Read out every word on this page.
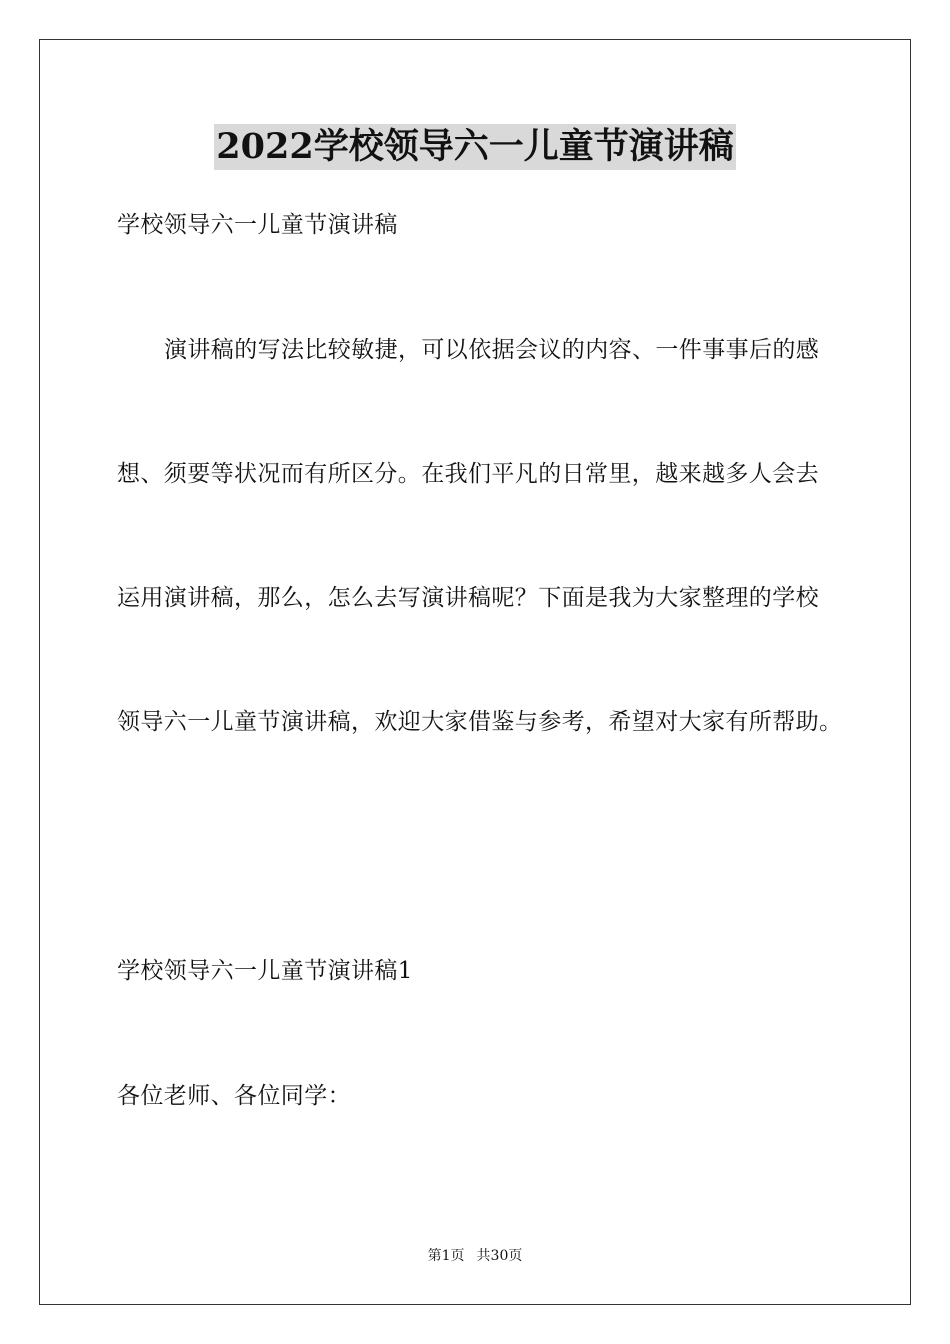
2022学校领导六一儿童节演讲稿
学校领导六一儿童节演讲稿
演讲稿的写法比较敏捷，可以依据会议的内容、一件事事后的感
想、须要等状况而有所区分。在我们平凡的日常里，越来越多人会去
运用演讲稿，那么，怎么去写演讲稿呢？下面是我为大家整理的学校
领导六一儿童节演讲稿，欢迎大家借鉴与参考，希望对大家有所帮助。
学校领导六一儿童节演讲稿1
各位老师、各位同学：
第1页 共30页
